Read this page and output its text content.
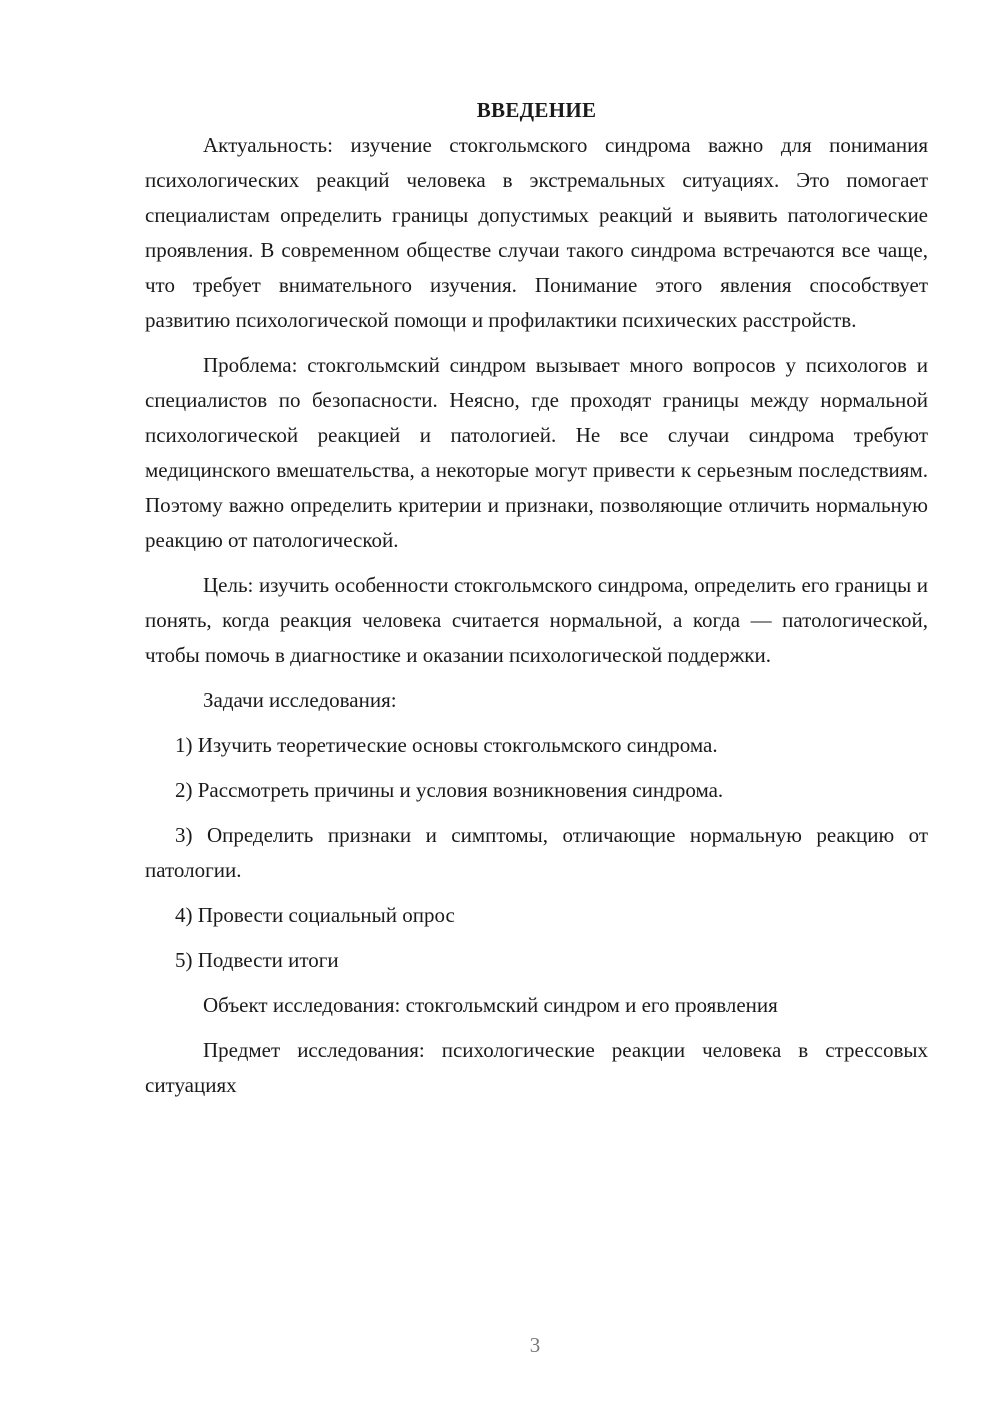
ВВЕДЕНИЕ

Актуальность: изучение стокгольмского синдрома важно для понимания психологических реакций человека в экстремальных ситуациях. Это помогает специалистам определить границы допустимых реакций и выявить патологические проявления. В современном обществе случаи такого синдрома встречаются все чаще, что требует внимательного изучения. Понимание этого явления способствует развитию психологической помощи и профилактики психических расстройств.

Проблема: стокгольмский синдром вызывает много вопросов у психологов и специалистов по безопасности. Неясно, где проходят границы между нормальной психологической реакцией и патологией. Не все случаи синдрома требуют медицинского вмешательства, а некоторые могут привести к серьезным последствиям. Поэтому важно определить критерии и признаки, позволяющие отличить нормальную реакцию от патологической.

Цель: изучить особенности стокгольмского синдрома, определить его границы и понять, когда реакция человека считается нормальной, а когда — патологической, чтобы помочь в диагностике и оказании психологической поддержки.

Задачи исследования:

1) Изучить теоретические основы стокгольмского синдрома.

2) Рассмотреть причины и условия возникновения синдрома.

3) Определить признаки и симптомы, отличающие нормальную реакцию от патологии.

4) Провести социальный опрос

5) Подвести итоги

Объект исследования: стокгольмский синдром и его проявления

Предмет исследования: психологические реакции человека в стрессовых ситуациях

3
